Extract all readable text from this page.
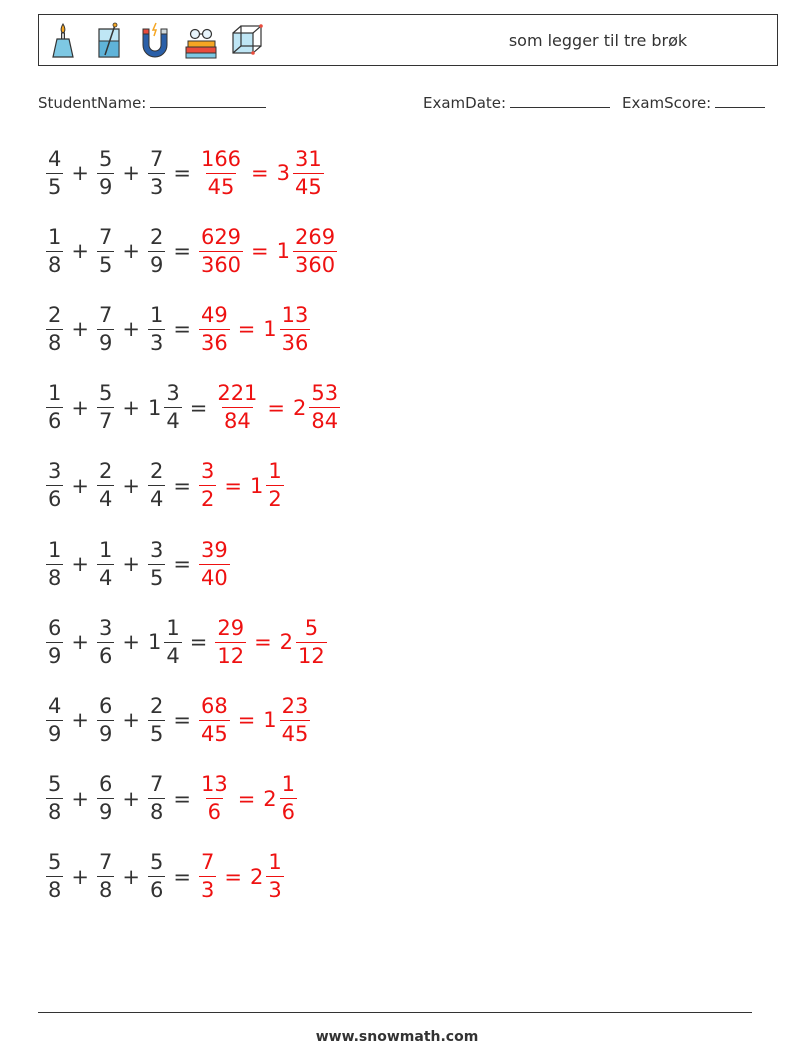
som legger til tre brøk
StudentName:	ExamDate:	ExamScore:
$\frac{4}{5} + \frac{5}{9} + \frac{7}{3} = \frac{166}{45} = 3 \frac{31}{45}$
$\frac{1}{8} + \frac{7}{5} + \frac{2}{9} = \frac{629}{360} = 1 \frac{269}{360}$
$\frac{2}{8} + \frac{7}{9} + \frac{1}{3} = \frac{49}{36} = 1 \frac{13}{36}$
$\frac{1}{6} + \frac{5}{7} + 1 \frac{3}{4} = \frac{221}{84} = 2 \frac{53}{84}$
$\frac{3}{6} + \frac{2}{4} + \frac{2}{4} = \frac{3}{2} = 1 \frac{1}{2}$
$\frac{1}{8} + \frac{1}{4} + \frac{3}{5} = \frac{39}{40}$
$\frac{6}{9} + \frac{3}{6} + 1 \frac{1}{4} = \frac{29}{12} = 2 \frac{5}{12}$
$\frac{4}{9} + \frac{6}{9} + \frac{2}{5} = \frac{68}{45} = 1 \frac{23}{45}$
$\frac{5}{8} + \frac{6}{9} + \frac{7}{8} = \frac{13}{6} = 2 \frac{1}{6}$
$\frac{5}{8} + \frac{7}{8} + \frac{5}{6} = \frac{7}{3} = 2 \frac{1}{3}$
www.snowmath.com
